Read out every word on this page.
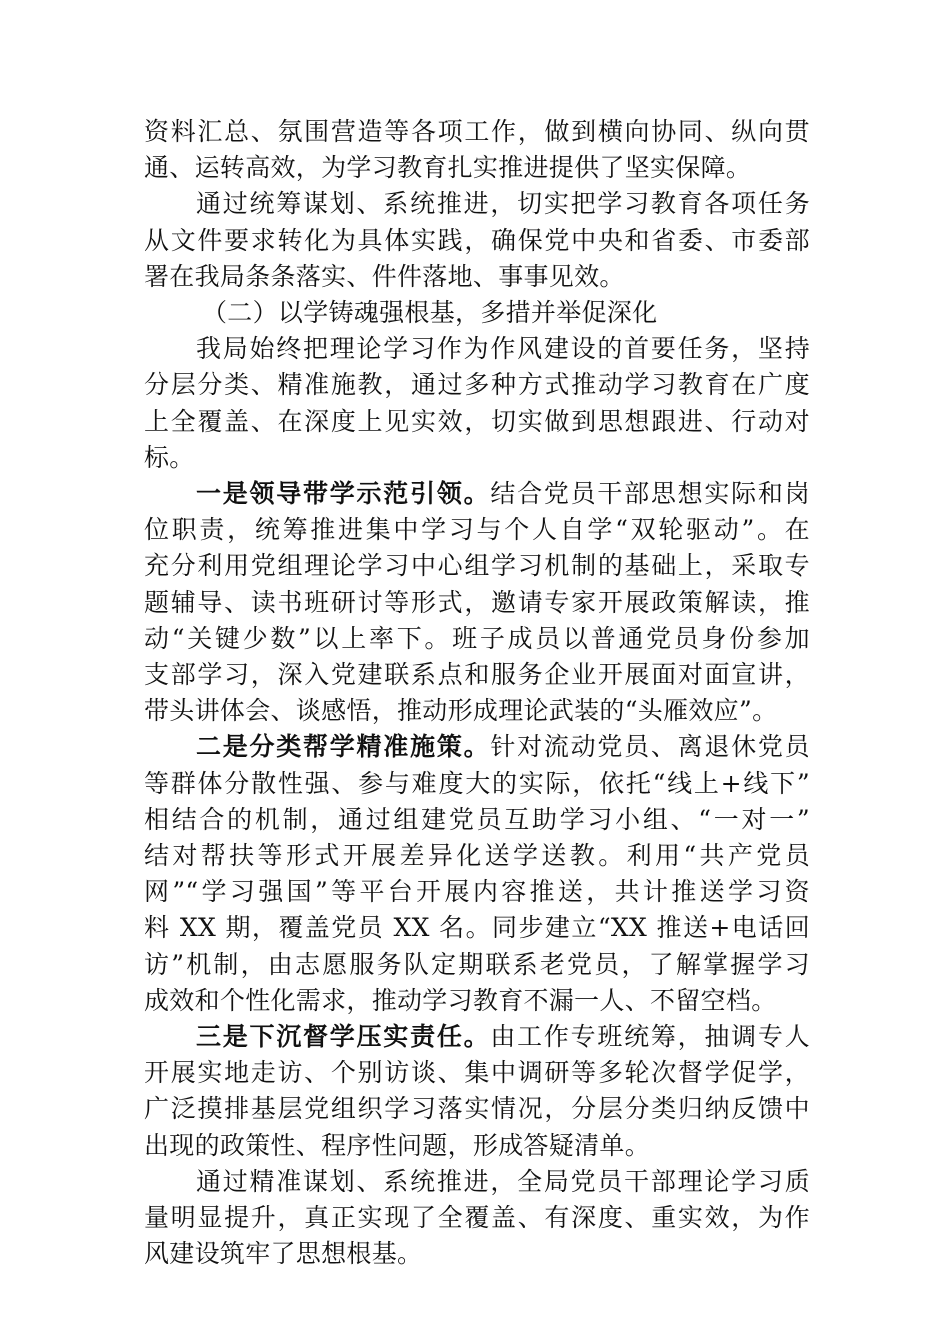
资料汇总、氛围营造等各项工作，做到横向协同、纵向贯
通、运转高效，为学习教育扎实推进提供了坚实保障。
通过统筹谋划、系统推进，切实把学习教育各项任务
从文件要求转化为具体实践，确保党中央和省委、市委部
署在我局条条落实、件件落地、事事见效。
（二）以学铸魂强根基，多措并举促深化
我局始终把理论学习作为作风建设的首要任务，坚持
分层分类、精准施教，通过多种方式推动学习教育在广度
上全覆盖、在深度上见实效，切实做到思想跟进、行动对
标。
一是领导带学示范引领。结合党员干部思想实际和岗
位职责，统筹推进集中学习与个人自学“双轮驱动”。在
充分利用党组理论学习中心组学习机制的基础上，采取专
题辅导、读书班研讨等形式，邀请专家开展政策解读，推
动“关键少数”以上率下。班子成员以普通党员身份参加
支部学习，深入党建联系点和服务企业开展面对面宣讲，
带头讲体会、谈感悟，推动形成理论武装的“头雁效应”。
二是分类帮学精准施策。针对流动党员、离退休党员
等群体分散性强、参与难度大的实际，依托“线上+线下”
相结合的机制，通过组建党员互助学习小组、“一对一”
结对帮扶等形式开展差异化送学送教。利用“共产党员
网”“学习强国”等平台开展内容推送，共计推送学习资
料 XX 期，覆盖党员 XX 名。同步建立“XX 推送+电话回
访”机制，由志愿服务队定期联系老党员，了解掌握学习
成效和个性化需求，推动学习教育不漏一人、不留空档。
三是下沉督学压实责任。由工作专班统筹，抽调专人
开展实地走访、个别访谈、集中调研等多轮次督学促学，
广泛摸排基层党组织学习落实情况，分层分类归纳反馈中
出现的政策性、程序性问题，形成答疑清单。
通过精准谋划、系统推进，全局党员干部理论学习质
量明显提升，真正实现了全覆盖、有深度、重实效，为作
风建设筑牢了思想根基。
